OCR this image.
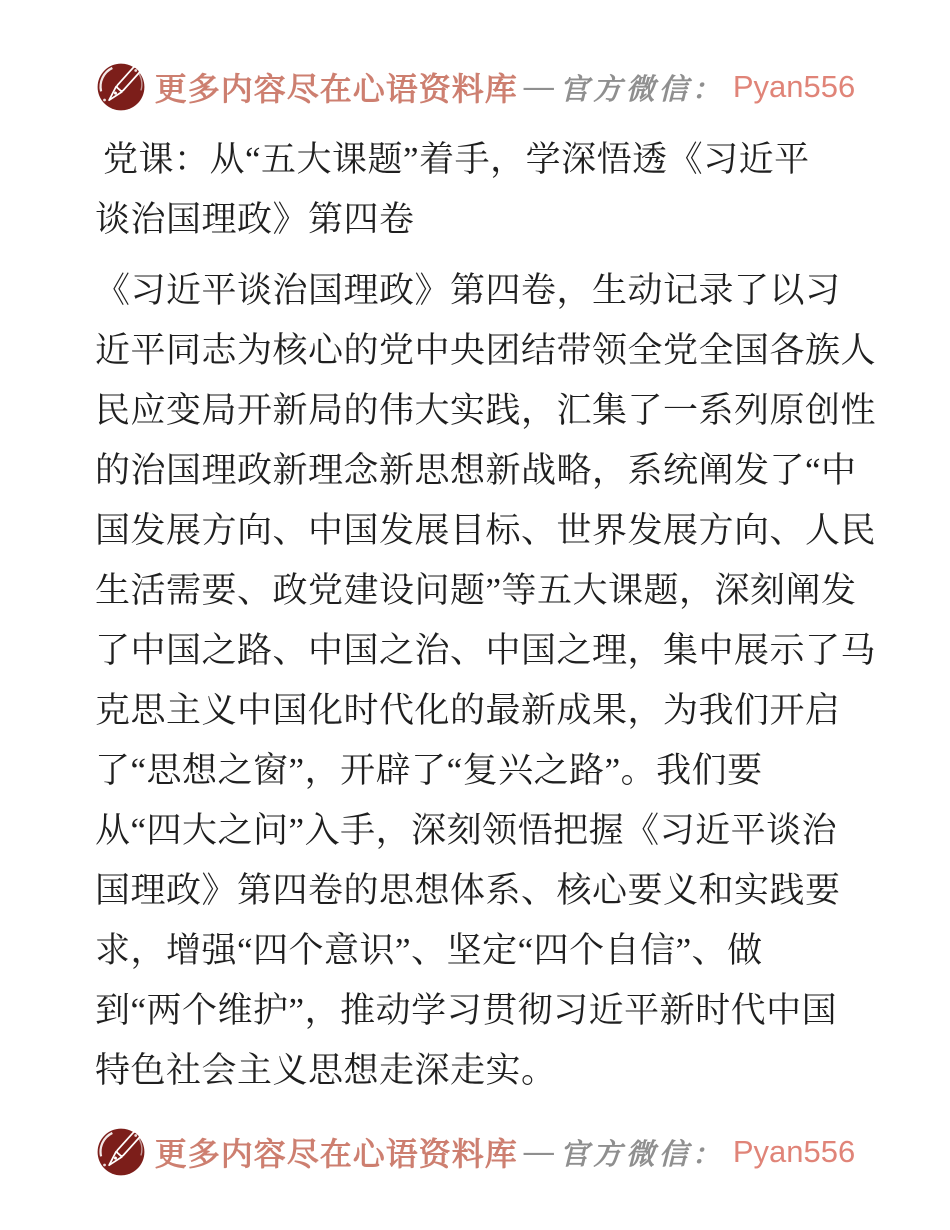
更多内容尽在心语资料库 — 官方微信： Pyan556
党课：从“五大课题”着手，学深悟透《习近平
谈治国理政》第四卷
《习近平谈治国理政》第四卷，生动记录了以习
近平同志为核心的党中央团结带领全党全国各族人
民应变局开新局的伟大实践，汇集了一系列原创性
的治国理政新理念新思想新战略，系统阐发了“中
国发展方向、中国发展目标、世界发展方向、人民
生活需要、政党建设问题”等五大课题，深刻阐发
了中国之路、中国之治、中国之理，集中展示了马
克思主义中国化时代化的最新成果，为我们开启
了“思想之窗”，开辟了“复兴之路”。我们要
从“四大之问”入手，深刻领悟把握《习近平谈治
国理政》第四卷的思想体系、核心要义和实践要
求，增强“四个意识”、坚定“四个自信”、做
到“两个维护”，推动学习贯彻习近平新时代中国
特色社会主义思想走深走实。
更多内容尽在心语资料库 — 官方微信： Pyan556
